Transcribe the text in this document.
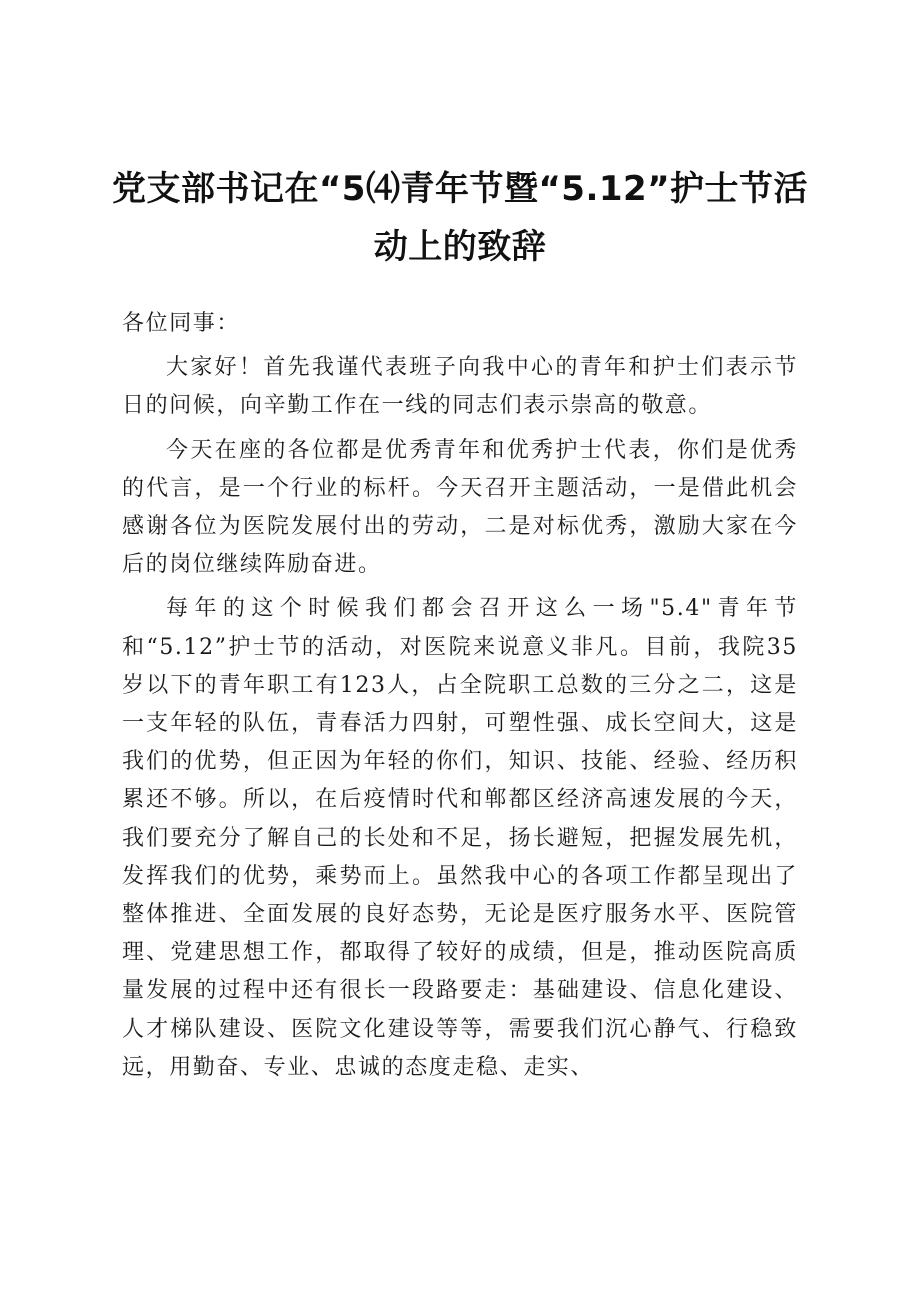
党支部书记在“5⑷青年节暨“5.12”护士节活动上的致辞

各位同事：

大家好！首先我谨代表班子向我中心的青年和护士们表示节日的问候，向辛勤工作在一线的同志们表示崇高的敬意。

今天在座的各位都是优秀青年和优秀护士代表，你们是优秀的代言，是一个行业的标杆。今天召开主题活动，一是借此机会感谢各位为医院发展付出的劳动，二是对标优秀，激励大家在今后的岗位继续阵励奋进。

每年的这个时候我们都会召开这么一场"5.4"青年节和“5.12”护士节的活动，对医院来说意义非凡。目前，我院35岁以下的青年职工有123人，占全院职工总数的三分之二，这是一支年轻的队伍，青春活力四射，可塑性强、成长空间大，这是我们的优势，但正因为年轻的你们，知识、技能、经验、经历积累还不够。所以，在后疫情时代和郸都区经济高速发展的今天，我们要充分了解自己的长处和不足，扬长避短，把握发展先机，发挥我们的优势，乘势而上。虽然我中心的各项工作都呈现出了整体推进、全面发展的良好态势，无论是医疗服务水平、医院管理、党建思想工作，都取得了较好的成绩，但是，推动医院高质量发展的过程中还有很长一段路要走：基础建设、信息化建设、人才梯队建设、医院文化建设等等，需要我们沉心静气、行稳致远，用勤奋、专业、忠诚的态度走稳、走实、
